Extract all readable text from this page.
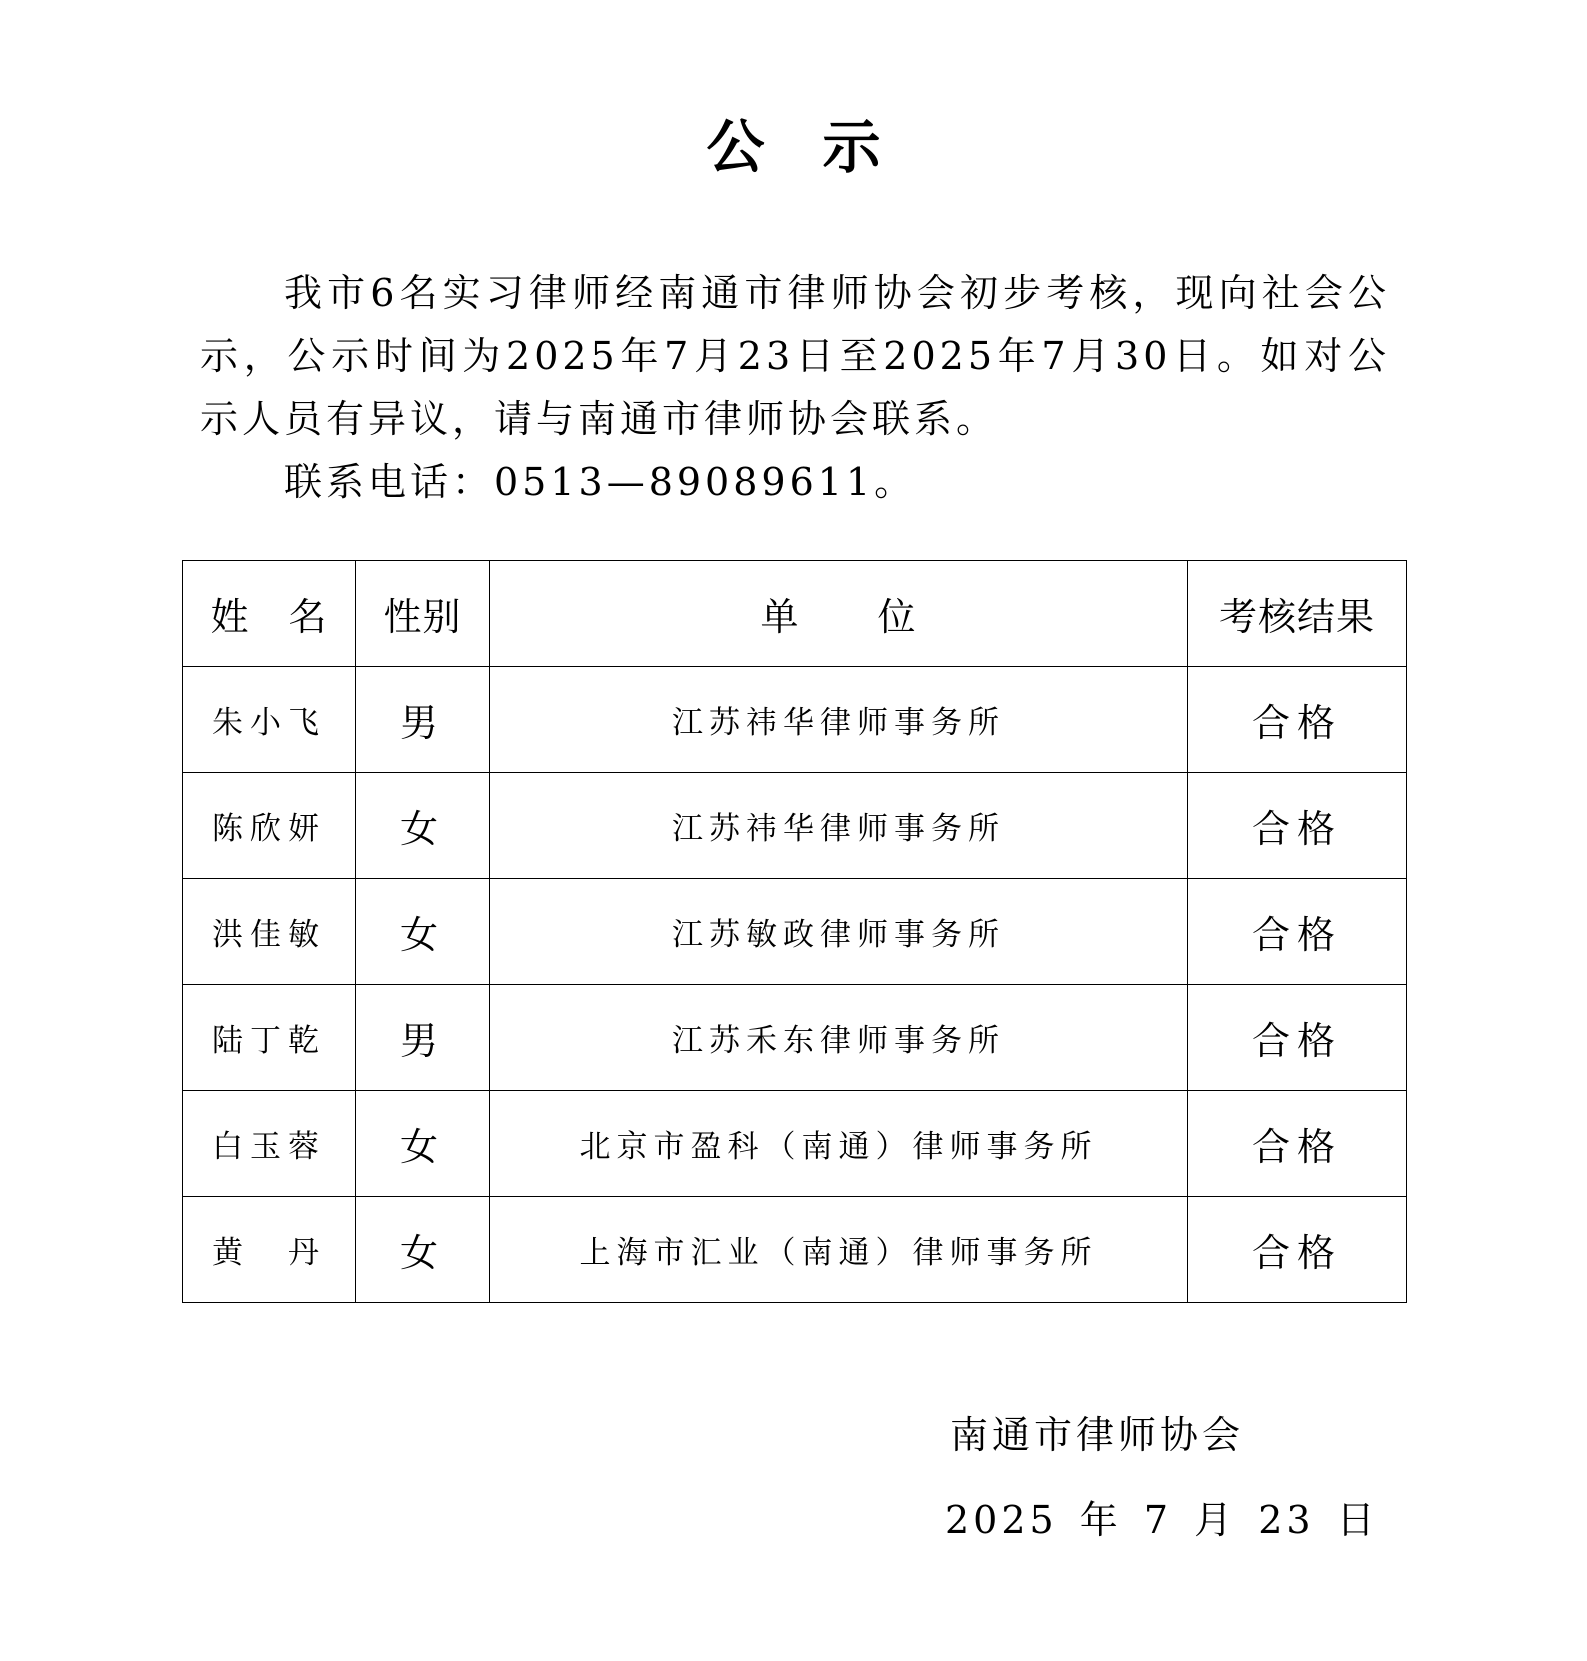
公 示

我市6名实习律师经南通市律师协会初步考核，现向社会公示，公示时间为2025年7月23日至2025年7月30日。如对公示人员有异议，请与南通市律师协会联系。

联系电话：0513—89089611。

姓　名	性别	单　　位	考核结果
朱小飞	男	江苏祎华律师事务所	合格
陈欣妍	女	江苏祎华律师事务所	合格
洪佳敏	女	江苏敏政律师事务所	合格
陆丁乾	男	江苏禾东律师事务所	合格
白玉蓉	女	北京市盈科（南通）律师事务所	合格
黄　丹	女	上海市汇业（南通）律师事务所	合格
南通市律师协会
2025 年 7 月 23 日
